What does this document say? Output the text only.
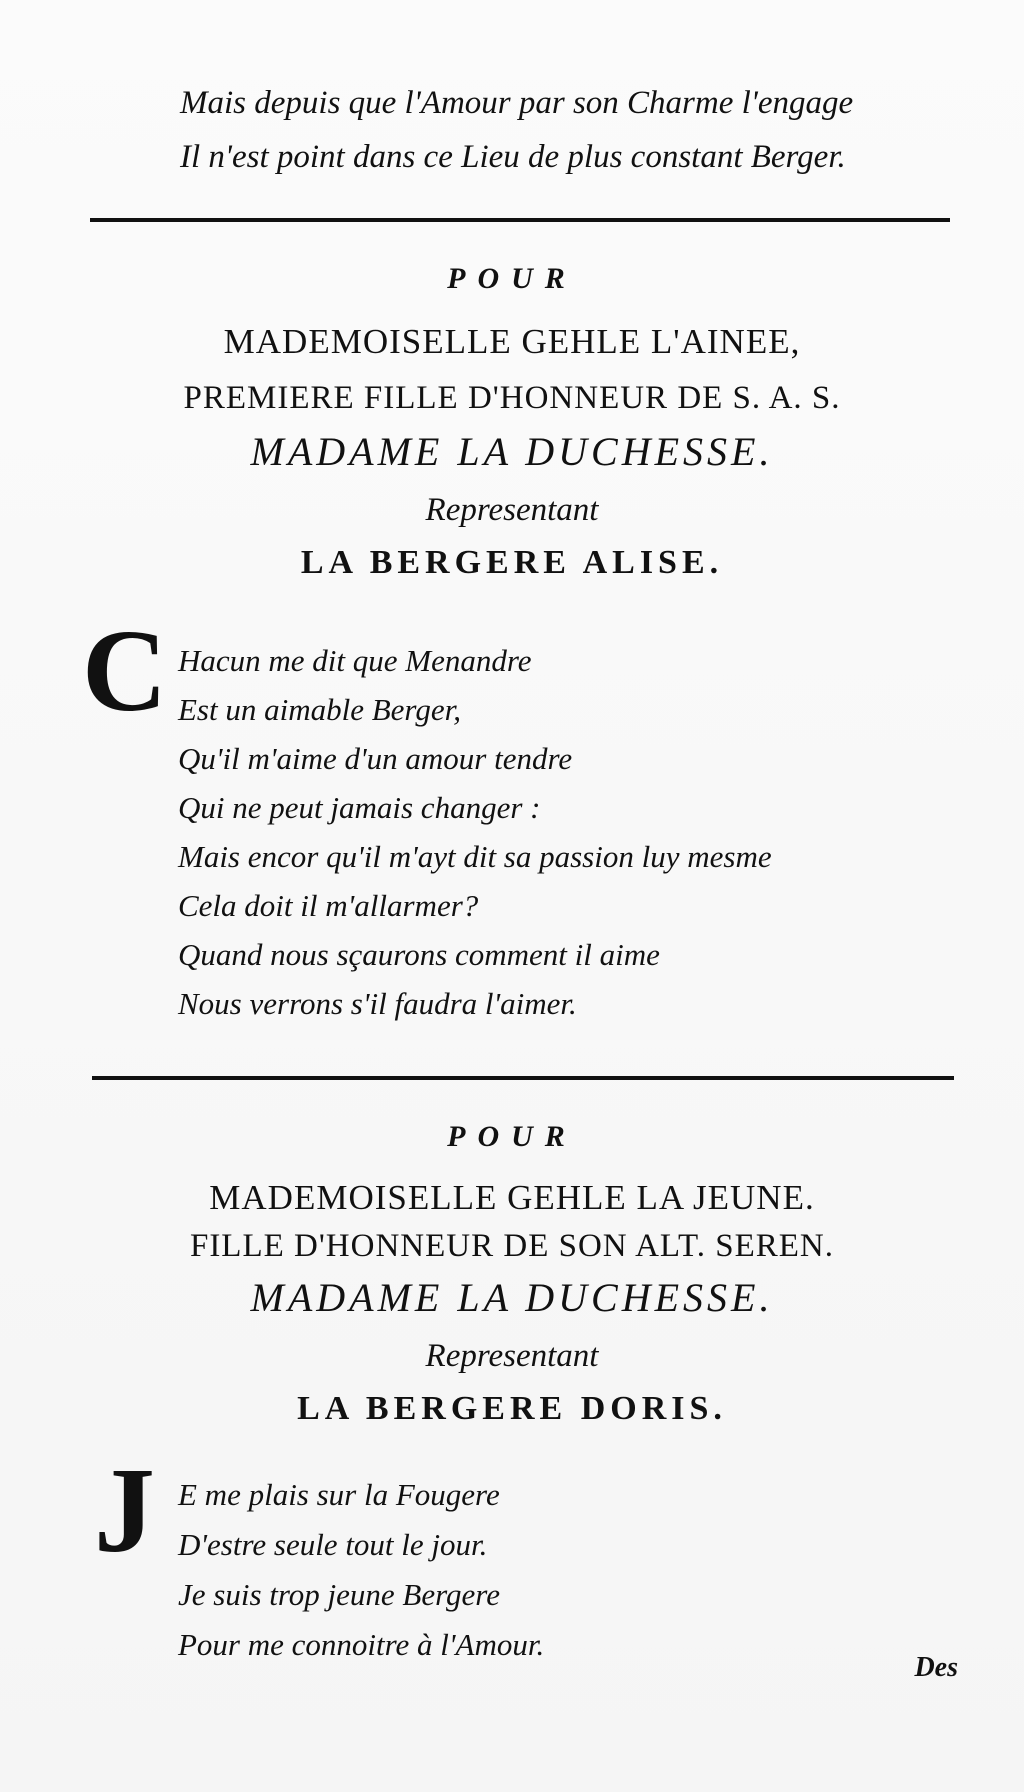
Mais depuis que l'Amour par son Charme l'engage
Il n'est point dans ce Lieu de plus constant Berger.
POUR
MADEMOISELLE GEHLE L'AINEE,
PREMIERE FILLE D'HONNEUR DE S. A. S.
MADAME LA DUCHESSE.
Representant
LA BERGERE ALISE.
C Hacun me dit que Menandre
Est un aimable Berger,
Qu'il m'aime d'un amour tendre
Qui ne peut jamais changer :
Mais encor qu'il m'ayt dit sa passion luy mesme
Cela doit il m'allarmer?
Quand nous sçaurons comment il aime
Nous verrons s'il faudra l'aimer.
POUR
MADEMOISELLE GEHLE LA JEUNE.
FILLE D'HONNEUR DE SON ALT. SEREN.
MADAME LA DUCHESSE.
Representant
LA BERGERE DORIS.
J E me plais sur la Fougere
D'estre seule tout le jour.
Je suis trop jeune Bergere
Pour me connoitre à l'Amour.
Des
